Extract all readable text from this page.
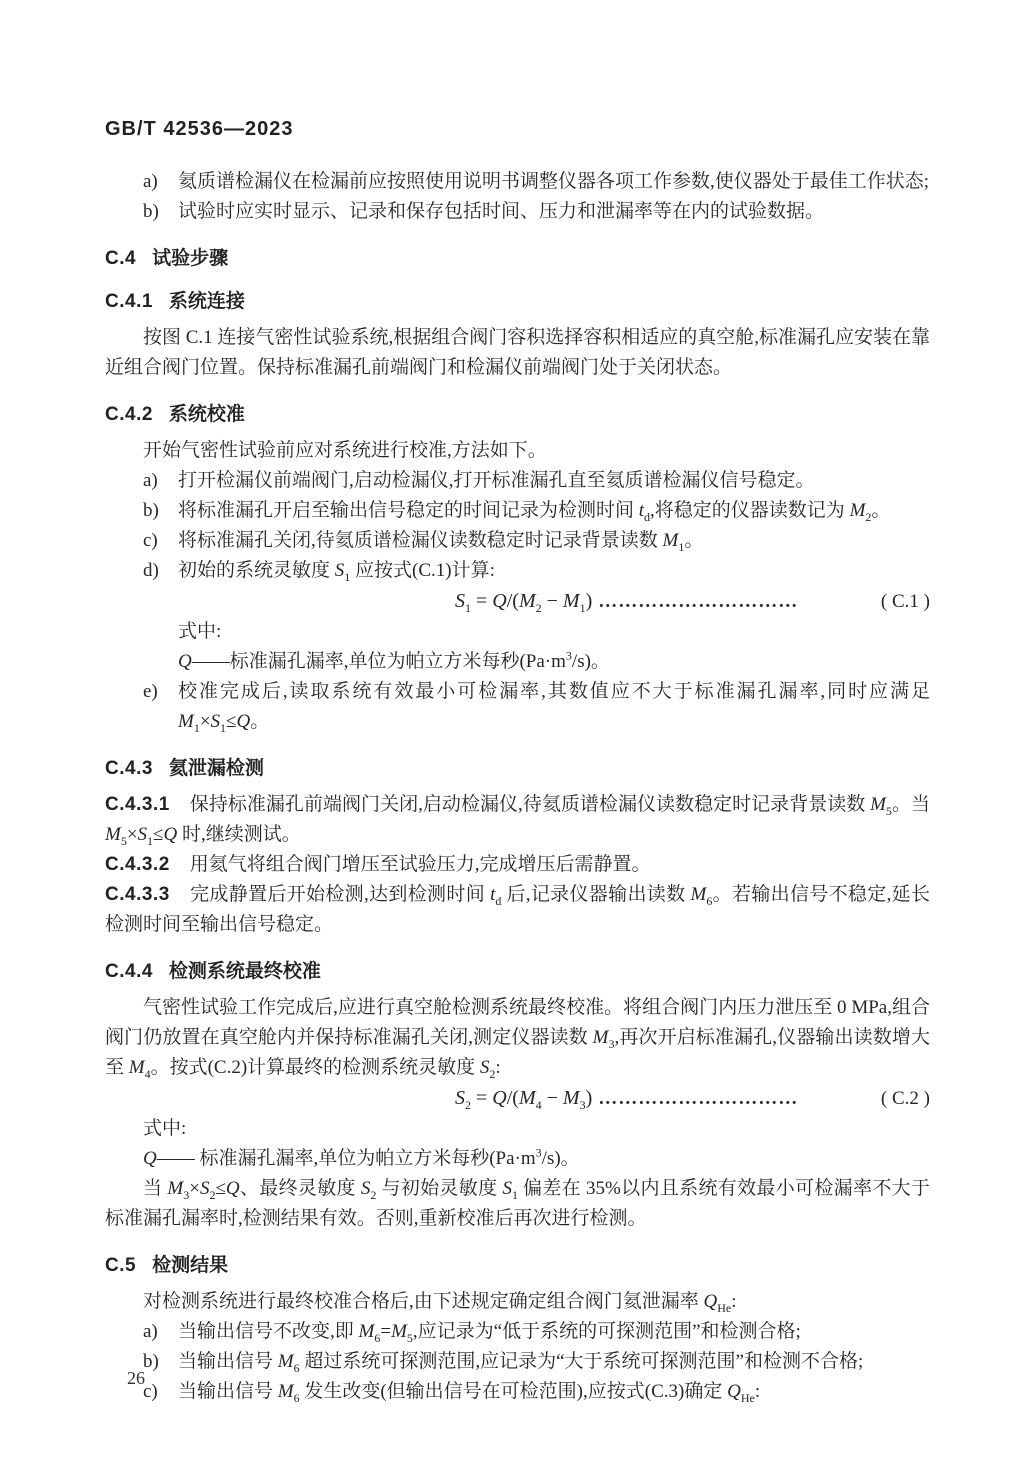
GB/T 42536—2023
a) 氦质谱检漏仪在检漏前应按照使用说明书调整仪器各项工作参数,使仪器处于最佳工作状态;
b) 试验时应实时显示、记录和保存包括时间、压力和泄漏率等在内的试验数据。
C.4 试验步骤
C.4.1 系统连接

按图 C.1 连接气密性试验系统,根据组合阀门容积选择容积相适应的真空舱,标准漏孔应安装在靠近组合阀门位置。保持标准漏孔前端阀门和检漏仪前端阀门处于关闭状态。

C.4.2 系统校准

开始气密性试验前应对系统进行校准,方法如下。

a) 打开检漏仪前端阀门,启动检漏仪,打开标准漏孔直至氦质谱检漏仪信号稳定。
b) 将标准漏孔开启至输出信号稳定的时间记录为检测时间 $t_d$,将稳定的仪器读数记为 $M_2$。
c) 将标准漏孔关闭,待氦质谱检漏仪读数稳定时记录背景读数 $M_1$。
d) 初始的系统灵敏度 $S_1$ 应按式(C.1)计算:
$S_1 = Q/(M_2 - M_1)$ …………………………	( C.1 )

式中:

Q——标准漏孔漏率,单位为帕立方米每秒$(Pa\cdot m^3/s)$。

e) 校准完成后,读取系统有效最小可检漏率,其数值应不大于标准漏孔漏率,同时应满足 $M_1\times S_1\le Q$。
C.4.3 氦泄漏检测

C.4.3.1 保持标准漏孔前端阀门关闭,启动检漏仪,待氦质谱检漏仪读数稳定时记录背景读数 $M_5$。当 $M_5\times S_1\le Q$ 时,继续测试。

C.4.3.2 用氦气将组合阀门增压至试验压力,完成增压后需静置。

C.4.3.3 完成静置后开始检测,达到检测时间 $t_d$ 后,记录仪器输出读数 $M_6$。若输出信号不稳定,延长检测时间至输出信号稳定。

C.4.4 检测系统最终校准

气密性试验工作完成后,应进行真空舱检测系统最终校准。将组合阀门内压力泄压至 0 MPa,组合阀门仍放置在真空舱内并保持标准漏孔关闭,测定仪器读数 $M_3$,再次开启标准漏孔,仪器输出读数增大至 $M_4$。按式(C.2)计算最终的检测系统灵敏度 $S_2$:

$S_2 = Q/(M_4 - M_3)$ …………………………	( C.2 )

式中:

Q—— 标准漏孔漏率,单位为帕立方米每秒$(Pa\cdot m^3/s)$。

当 $M_3\times S_2\le Q$、最终灵敏度 $S_2$ 与初始灵敏度 $S_1$ 偏差在 35%以内且系统有效最小可检漏率不大于标准漏孔漏率时,检测结果有效。否则,重新校准后再次进行检测。

C.5 检测结果

对检测系统进行最终校准合格后,由下述规定确定组合阀门氦泄漏率 $Q_{He}$:

a) 当输出信号不改变,即 $M_6=M_5$,应记录为“低于系统的可探测范围”和检测合格;
b) 当输出信号 $M_6$ 超过系统可探测范围,应记录为“大于系统可探测范围”和检测不合格;
c) 当输出信号 $M_6$ 发生改变(但输出信号在可检范围),应按式(C.3)确定 $Q_{He}$:
26
